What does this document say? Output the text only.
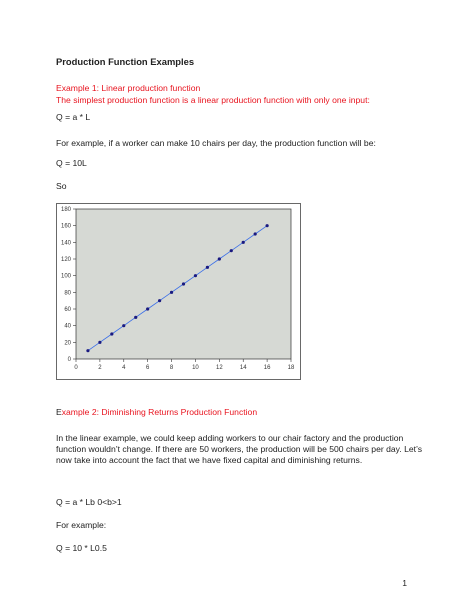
Production Function Examples
Example 1: Linear production function
The simplest production function is a linear production function with only one input:
Q = a * L
For example, if a worker can make 10 chairs per day, the production function will be:
Q = 10L
So
0
20
40
60
80
100
120
140
160
180
0	2	4	6	8	10	12	14	16	18
Example 2: Diminishing Returns Production Function
In the linear example, we could keep adding workers to our chair factory and the production function wouldn’t change. If there are 50 workers, the production will be 500 chairs per day. Let’s now take into account the fact that we have fixed capital and diminishing returns.
Q = a * Lb 0<b>1
For example:
Q = 10 * L0.5
1
